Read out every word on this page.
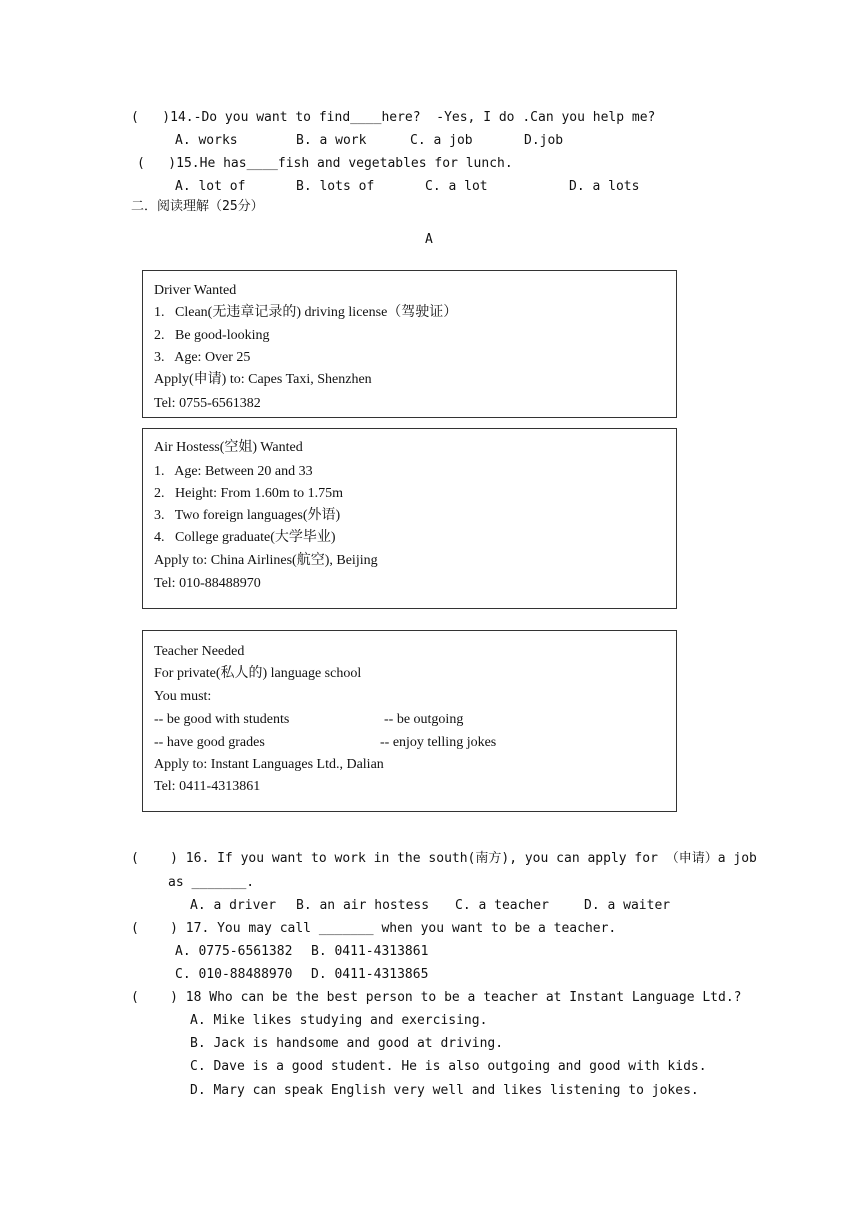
(   )14.-Do you want to find____here?  -Yes, I do .Can you help me?
A. works	B. a work	C. a job	D.job
(   )15.He has____fish and vegetables for lunch.
A. lot of	B. lots of	C. a lot	D. a lots
二．阅读理解（25分）
A
Driver Wanted
1.   Clean(无违章记录的) driving license（驾驶证）
2.   Be good-looking
3.   Age: Over 25
Apply(申请) to: Capes Taxi, Shenzhen
Tel: 0755-6561382
Air Hostess(空姐) Wanted
1.   Age: Between 20 and 33
2.   Height: From 1.60m to 1.75m
3.   Two foreign languages(外语)
4.   College graduate(大学毕业)
Apply to: China Airlines(航空), Beijing
Tel: 010-88488970
Teacher Needed
For private(私人的) language school
You must:
-- be good with students	-- be outgoing
-- have good grades	-- enjoy telling jokes
Apply to: Instant Languages Ltd., Dalian
Tel: 0411-4313861
(    ) 16. If you want to work in the south(南方), you can apply for （申请）a job
as _______.
A. a driver B. an air hostess C. a teacher	D. a waiter
(    ) 17. You may call _______ when you want to be a teacher.
A. 0775-6561382 B. 0411-4313861
C. 010-88488970 D. 0411-4313865
(    ) 18 Who can be the best person to be a teacher at Instant Language Ltd.?
A. Mike likes studying and exercising.
B. Jack is handsome and good at driving.
C. Dave is a good student. He is also outgoing and good with kids.
D. Mary can speak English very well and likes listening to jokes.
